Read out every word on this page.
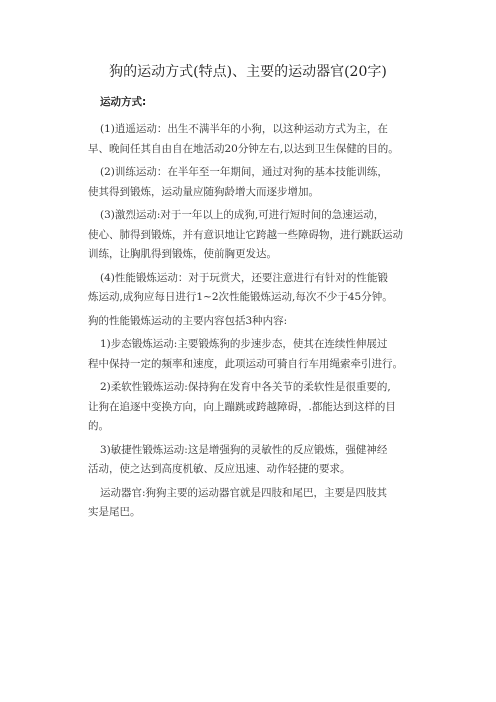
狗的运动方式(特点)、主要的运动器官(20字)
运动方式:
(1)逍遥运动：出生不满半年的小狗，以这种运动方式为主，在
早、晚间任其自由自在地活动20分钟左右,以达到卫生保健的目的。
(2)训练运动：在半年至一年期间，通过对狗的基本技能训练，
使其得到锻炼，运动量应随狗龄增大而逐步增加。
(3)激烈运动:对于一年以上的成狗,可进行短时间的急速运动，
使心、肺得到锻炼，并有意识地让它跨越一些障碍物，进行跳跃运动
训练，让胸肌得到锻炼，使前胸更发达。
(4)性能锻炼运动：对于玩赏犬，还要注意进行有针对的性能锻
炼运动,成狗应每日进行1~2次性能锻炼运动,每次不少于45分钟。
狗的性能锻炼运动的主要内容包括3种内容:
1)步态锻炼运动:主要锻炼狗的步速步态，使其在连续性伸展过
程中保持一定的频率和速度，此项运动可骑自行车用绳索牵引进行。
2)柔软性锻炼运动:保持狗在发育中各关节的柔软性是很重要的,
让狗在追逐中变换方向，向上蹦跳或跨越障碍，.都能达到这样的目
的。
3)敏捷性锻炼运动:这是增强狗的灵敏性的反应锻炼，强健神经
活动，使之达到高度机敏、反应迅速、动作轻捷的要求。
运动器官:狗狗主要的运动器官就是四肢和尾巴，主要是四肢其
实是尾巴。
